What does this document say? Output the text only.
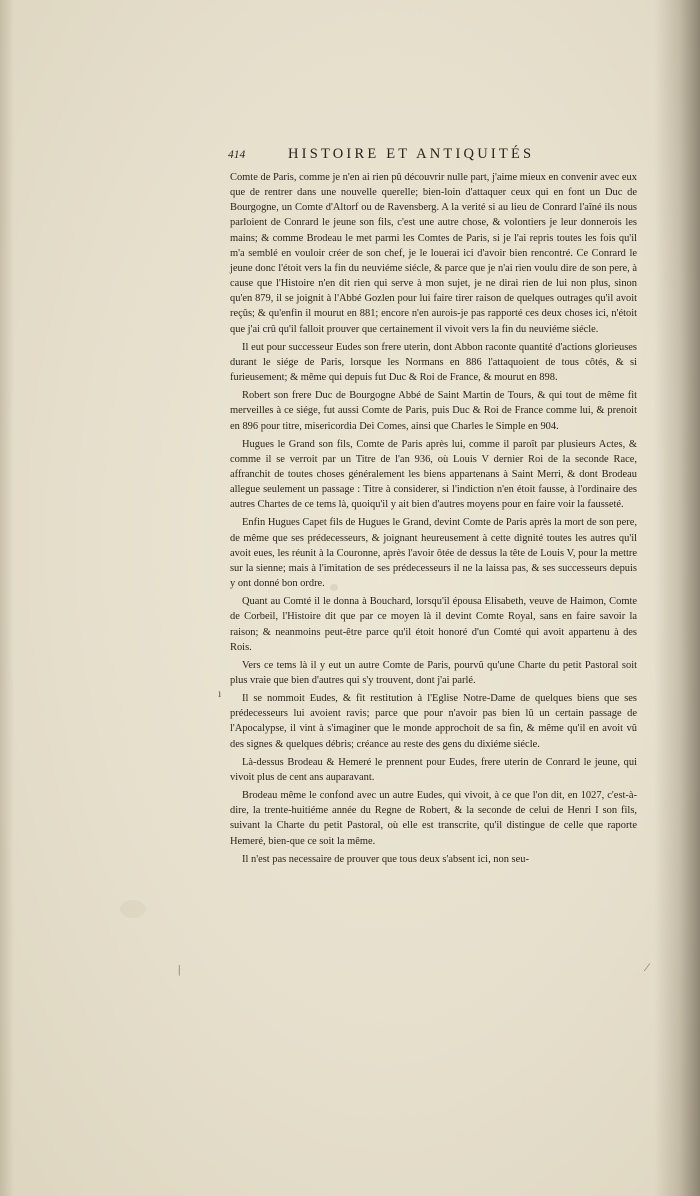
ı
|	⁄
414	HISTOIRE ET ANTIQUITÉS

Comte de Paris, comme je n'en ai rien pû découvrir nulle part, j'aime mieux en convenir avec eux que de rentrer dans une nouvelle querelle; bien-loin d'attaquer ceux qui en font un Duc de Bourgogne, un Comte d'Altorf ou de Ravensberg. A la verité si au lieu de Conrard l'aîné ils nous parloient de Conrard le jeune son fils, c'est une autre chose, & volontiers je leur donnerois les mains; & comme Brodeau le met parmi les Comtes de Paris, si je l'ai repris toutes les fois qu'il m'a semblé en vouloir créer de son chef, je le louerai ici d'avoir bien rencontré. Ce Conrard le jeune donc l'étoit vers la fin du neuviéme siécle, & parce que je n'ai rien voulu dire de son pere, à cause que l'Histoire n'en dit rien qui serve à mon sujet, je ne dirai rien de lui non plus, sinon qu'en 879, il se joignit à l'Abbé Gozlen pour lui faire tirer raison de quelques outrages qu'il avoit reçûs; & qu'enfin il mourut en 881; encore n'en aurois-je pas rapporté ces deux choses ici, n'étoit que j'ai crû qu'il falloit prouver que certainement il vivoit vers la fin du neuviéme siécle.

Il eut pour successeur Eudes son frere uterin, dont Abbon raconte quantité d'actions glorieuses durant le siége de Paris, lorsque les Normans en 886 l'attaquoient de tous côtés, & si furieusement; & même qui depuis fut Duc & Roi de France, & mourut en 898.

Robert son frere Duc de Bourgogne Abbé de Saint Martin de Tours, & qui tout de même fit merveilles à ce siége, fut aussi Comte de Paris, puis Duc & Roi de France comme lui, & prenoit en 896 pour titre, misericordia Dei Comes, ainsi que Charles le Simple en 904.

Hugues le Grand son fils, Comte de Paris après lui, comme il paroît par plusieurs Actes, & comme il se verroit par un Titre de l'an 936, où Louis V dernier Roi de la seconde Race, affranchit de toutes choses généralement les biens appartenans à Saint Merri, & dont Brodeau allegue seulement un passage : Titre à considerer, si l'indiction n'en étoit fausse, à l'ordinaire des autres Chartes de ce tems là, quoiqu'il y ait bien d'autres moyens pour en faire voir la fausseté.

Enfin Hugues Capet fils de Hugues le Grand, devint Comte de Paris après la mort de son pere, de même que ses prédecesseurs, & joignant heureusement à cette dignité toutes les autres qu'il avoit eues, les réunit à la Couronne, après l'avoir ôtée de dessus la tête de Louis V, pour la mettre sur la sienne; mais à l'imitation de ses prédecesseurs il ne la laissa pas, & ses successeurs depuis y ont donné bon ordre.

Quant au Comté il le donna à Bouchard, lorsqu'il épousa Elisabeth, veuve de Haimon, Comte de Corbeil, l'Histoire dit que par ce moyen là il devint Comte Royal, sans en faire savoir la raison; & neanmoins peut-être parce qu'il étoit honoré d'un Comté qui avoit appartenu à des Rois.

Vers ce tems là il y eut un autre Comte de Paris, pourvû qu'une Charte du petit Pastoral soit plus vraie que bien d'autres qui s'y trouvent, dont j'ai parlé.

Il se nommoit Eudes, & fit restitution à l'Eglise Notre-Dame de quelques biens que ses prédecesseurs lui avoient ravis; parce que pour n'avoir pas bien lû un certain passage de l'Apocalypse, il vint à s'imaginer que le monde approchoit de sa fin, & même qu'il en avoit vû des signes & quelques débris; créance au reste des gens du dixiéme siécle.

Là-dessus Brodeau & Hemeré le prennent pour Eudes, frere uterin de Conrard le jeune, qui vivoit plus de cent ans auparavant.

Brodeau même le confond avec un autre Eudes, qui vivoit, à ce que l'on dit, en 1027, c'est-à-dire, la trente-huitiéme année du Regne de Robert, & la seconde de celui de Henri I son fils, suivant la Charte du petit Pastoral, où elle est transcrite, qu'il distingue de celle que raporte Hemeré, bien-que ce soit la même.

Il n'est pas necessaire de prouver que tous deux s'absent ici, non seu-
